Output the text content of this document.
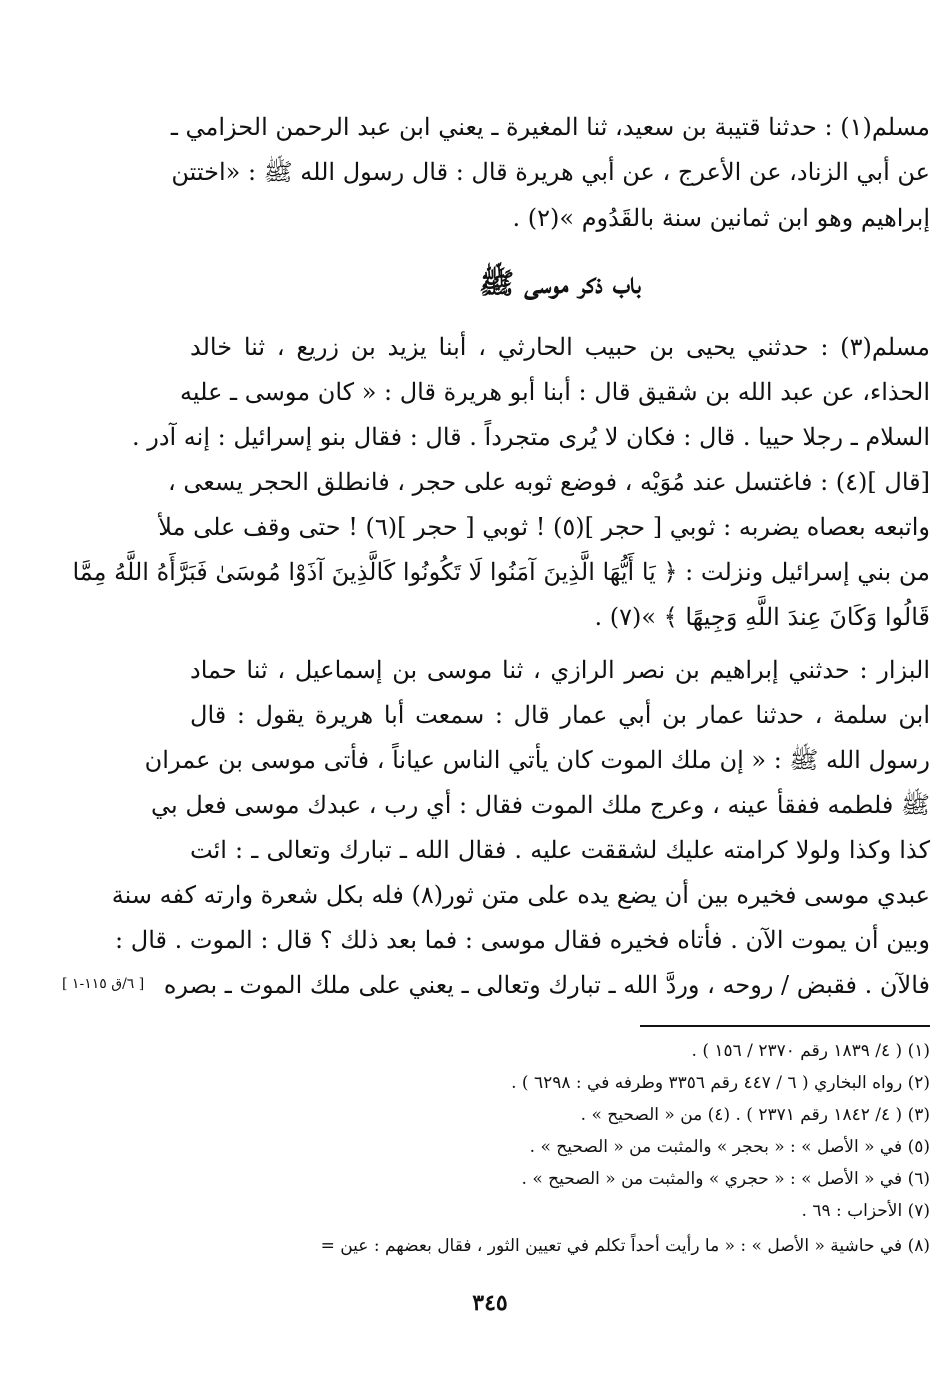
مسلم(١) : حدثنا قتيبة بن سعيد، ثنا المغيرة ـ يعني ابن عبد الرحمن الحزامي ـ
عن أبي الزناد، عن الأعرج ، عن أبي هريرة قال : قال رسول الله ﷺ : «اختتن
إبراهيم وهو ابن ثمانين سنة بالقَدُوم »(٢) .
باب ذكر موسى ﷺ
مسلم(٣) : حدثني يحيى بن حبيب الحارثي ، أبنا يزيد بن زريع ، ثنا خالد
الحذاء، عن عبد الله بن شقيق قال : أبنا أبو هريرة قال : « كان موسى ـ عليه
السلام ـ رجلا حييا . قال : فكان لا يُرى متجرداً . قال : فقال بنو إسرائيل : إنه آدر .
[قال ](٤) : فاغتسل عند مُوَيْه ، فوضع ثوبه على حجر ، فانطلق الحجر يسعى ،
واتبعه بعصاه يضربه : ثوبي [ حجر ](٥) ! ثوبي [ حجر ](٦) ! حتى وقف على ملأ
من بني إسرائيل ونزلت : ﴿ يَا أَيُّهَا الَّذِينَ آمَنُوا لَا تَكُونُوا كَالَّذِينَ آذَوْا مُوسَىٰ فَبَرَّأَهُ اللَّهُ مِمَّا
قَالُوا وَكَانَ عِندَ اللَّهِ وَجِيهًا ﴾ »(٧) .
البزار : حدثني إبراهيم بن نصر الرازي ، ثنا موسى بن إسماعيل ، ثنا حماد
ابن سلمة ، حدثنا عمار بن أبي عمار قال : سمعت أبا هريرة يقول : قال
رسول الله ﷺ : « إن ملك الموت كان يأتي الناس عياناً ، فأتى موسى بن عمران
ﷺ فلطمه ففقأ عينه ، وعرج ملك الموت فقال : أي رب ، عبدك موسى فعل بي
كذا وكذا ولولا كرامته عليك لشققت عليه . فقال الله ـ تبارك وتعالى ـ : ائت
عبدي موسى فخيره بين أن يضع يده على متن ثور(٨) فله بكل شعرة وارته كفه سنة
وبين أن يموت الآن . فأتاه فخيره فقال موسى : فما بعد ذلك ؟ قال : الموت . قال :
فالآن . فقبض / روحه ، وردَّ الله ـ تبارك وتعالى ـ يعني على ملك الموت ـ بصره
[ ٦/ق ١١٥-١ ]
(١) ( ٤/ ١٨٣٩ رقم ٢٣٧٠ / ١٥٦ ) .
(٢) رواه البخاري ( ٦ / ٤٤٧ رقم ٣٣٥٦ وطرفه في : ٦٢٩٨ ) .
(٣) ( ٤/ ١٨٤٢ رقم ٢٣٧١ ) . (٤) من « الصحيح » .
(٥) في « الأصل » : « بحجر » والمثبت من « الصحيح » .
(٦) في « الأصل » : « حجري » والمثبت من « الصحيح » .
(٧) الأحزاب : ٦٩ .
(٨) في حاشية « الأصل » : « ما رأيت أحداً تكلم في تعيين الثور ، فقال بعضهم : عين =
٣٤٥
